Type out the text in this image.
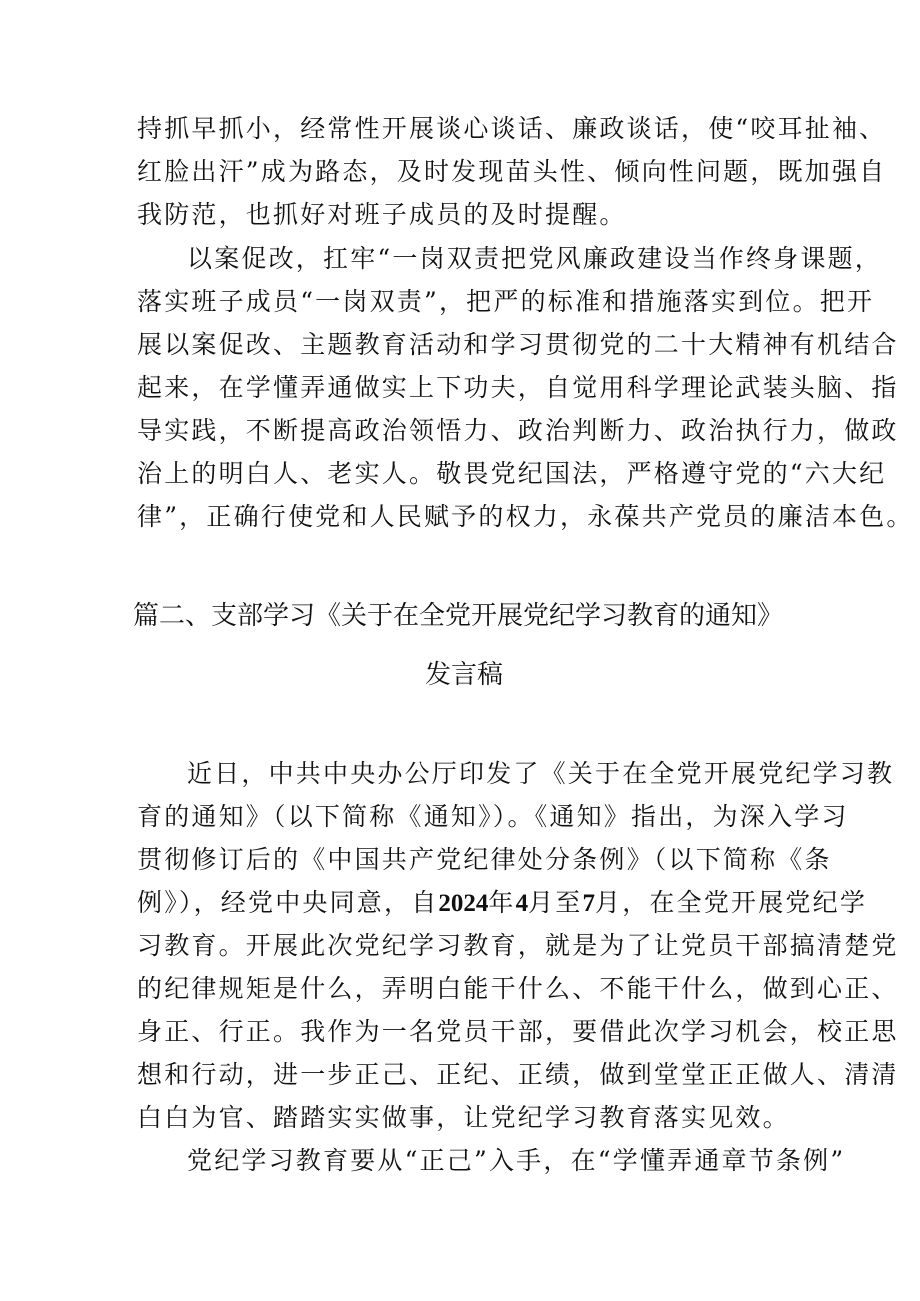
持抓早抓小，经常性开展谈心谈话、廉政谈话，使“咬耳扯袖、
红脸出汗”成为路态，及时发现苗头性、倾向性问题，既加强自
我防范，也抓好对班子成员的及时提醒。
以案促改，扛牢“一岗双责把党风廉政建设当作终身课题，
落实班子成员“一岗双责”，把严的标准和措施落实到位。把开
展以案促改、主题教育活动和学习贯彻党的二十大精神有机结合
起来，在学懂弄通做实上下功夫，自觉用科学理论武装头脑、指
导实践，不断提高政治领悟力、政治判断力、政治执行力，做政
治上的明白人、老实人。敬畏党纪国法，严格遵守党的“六大纪
律”，正确行使党和人民赋予的权力，永葆共产党员的廉洁本色。
篇二、支部学习《关于在全党开展党纪学习教育的通知》
发言稿
近日，中共中央办公厅印发了《关于在全党开展党纪学习教
育的通知》（以下简称《通知》）。《通知》指出，为深入学习
贯彻修订后的《中国共产党纪律处分条例》（以下简称《条
例》），经党中央同意，自2024年4月至7月，在全党开展党纪学
习教育。开展此次党纪学习教育，就是为了让党员干部搞清楚党
的纪律规矩是什么，弄明白能干什么、不能干什么，做到心正、
身正、行正。我作为一名党员干部，要借此次学习机会，校正思
想和行动，进一步正己、正纪、正绩，做到堂堂正正做人、清清
白白为官、踏踏实实做事，让党纪学习教育落实见效。
党纪学习教育要从“正己”入手，在“学懂弄通章节条例”
